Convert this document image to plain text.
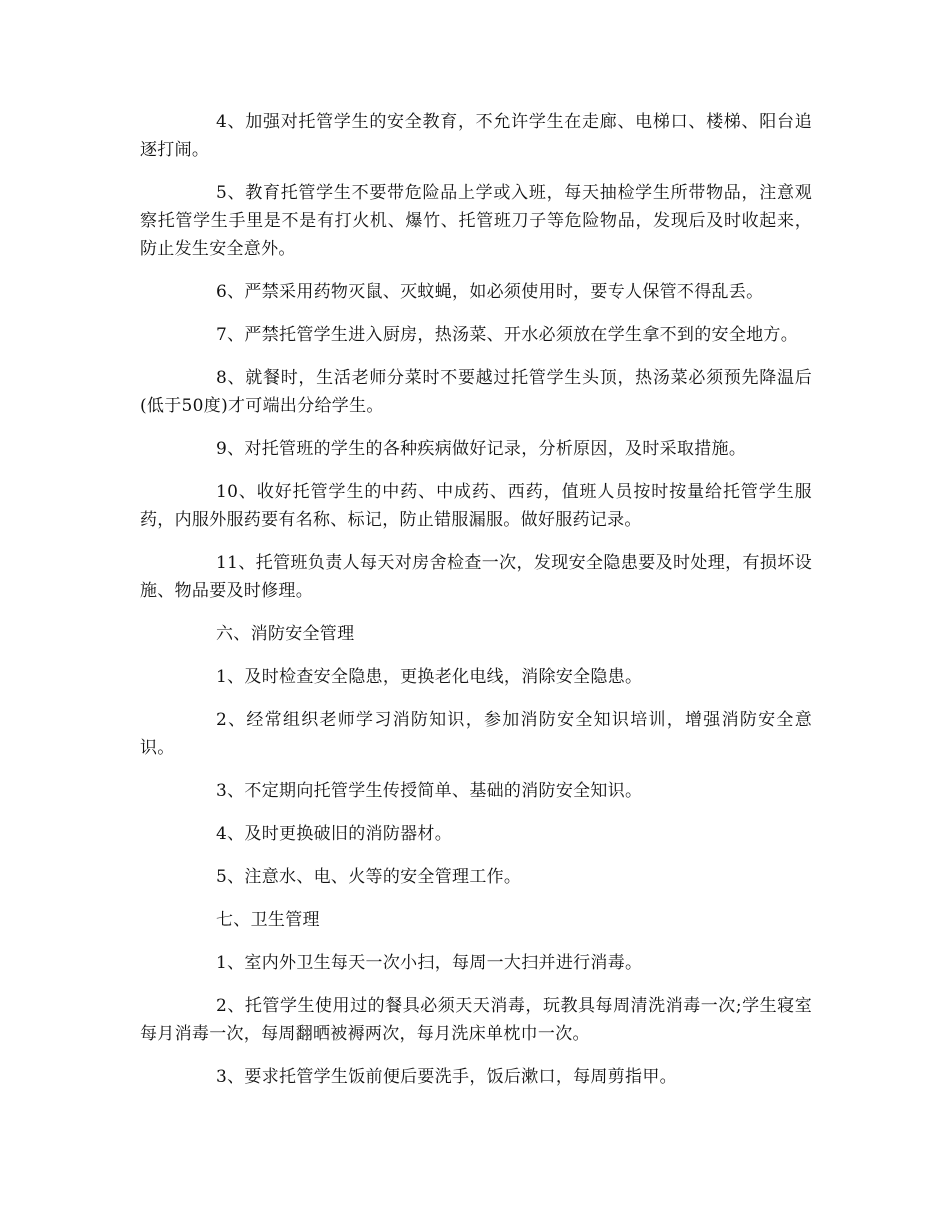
4、加强对托管学生的安全教育，不允许学生在走廊、电梯口、楼梯、阳台追逐打闹。

5、教育托管学生不要带危险品上学或入班，每天抽检学生所带物品，注意观察托管学生手里是不是有打火机、爆竹、托管班刀子等危险物品，发现后及时收起来，防止发生安全意外。

6、严禁采用药物灭鼠、灭蚊蝇，如必须使用时，要专人保管不得乱丢。

7、严禁托管学生进入厨房，热汤菜、开水必须放在学生拿不到的安全地方。

8、就餐时，生活老师分菜时不要越过托管学生头顶，热汤菜必须预先降温后(低于50度)才可端出分给学生。

9、对托管班的学生的各种疾病做好记录，分析原因，及时采取措施。

10、收好托管学生的中药、中成药、西药，值班人员按时按量给托管学生服药，内服外服药要有名称、标记，防止错服漏服。做好服药记录。

11、托管班负责人每天对房舍检查一次，发现安全隐患要及时处理，有损坏设施、物品要及时修理。

六、消防安全管理

1、及时检查安全隐患，更换老化电线，消除安全隐患。

2、经常组织老师学习消防知识，参加消防安全知识培训，增强消防安全意识。

3、不定期向托管学生传授简单、基础的消防安全知识。

4、及时更换破旧的消防器材。

5、注意水、电、火等的安全管理工作。

七、卫生管理

1、室内外卫生每天一次小扫，每周一大扫并进行消毒。

2、托管学生使用过的餐具必须天天消毒，玩教具每周清洗消毒一次;学生寝室每月消毒一次，每周翻晒被褥两次，每月洗床单枕巾一次。

3、要求托管学生饭前便后要洗手，饭后漱口，每周剪指甲。
